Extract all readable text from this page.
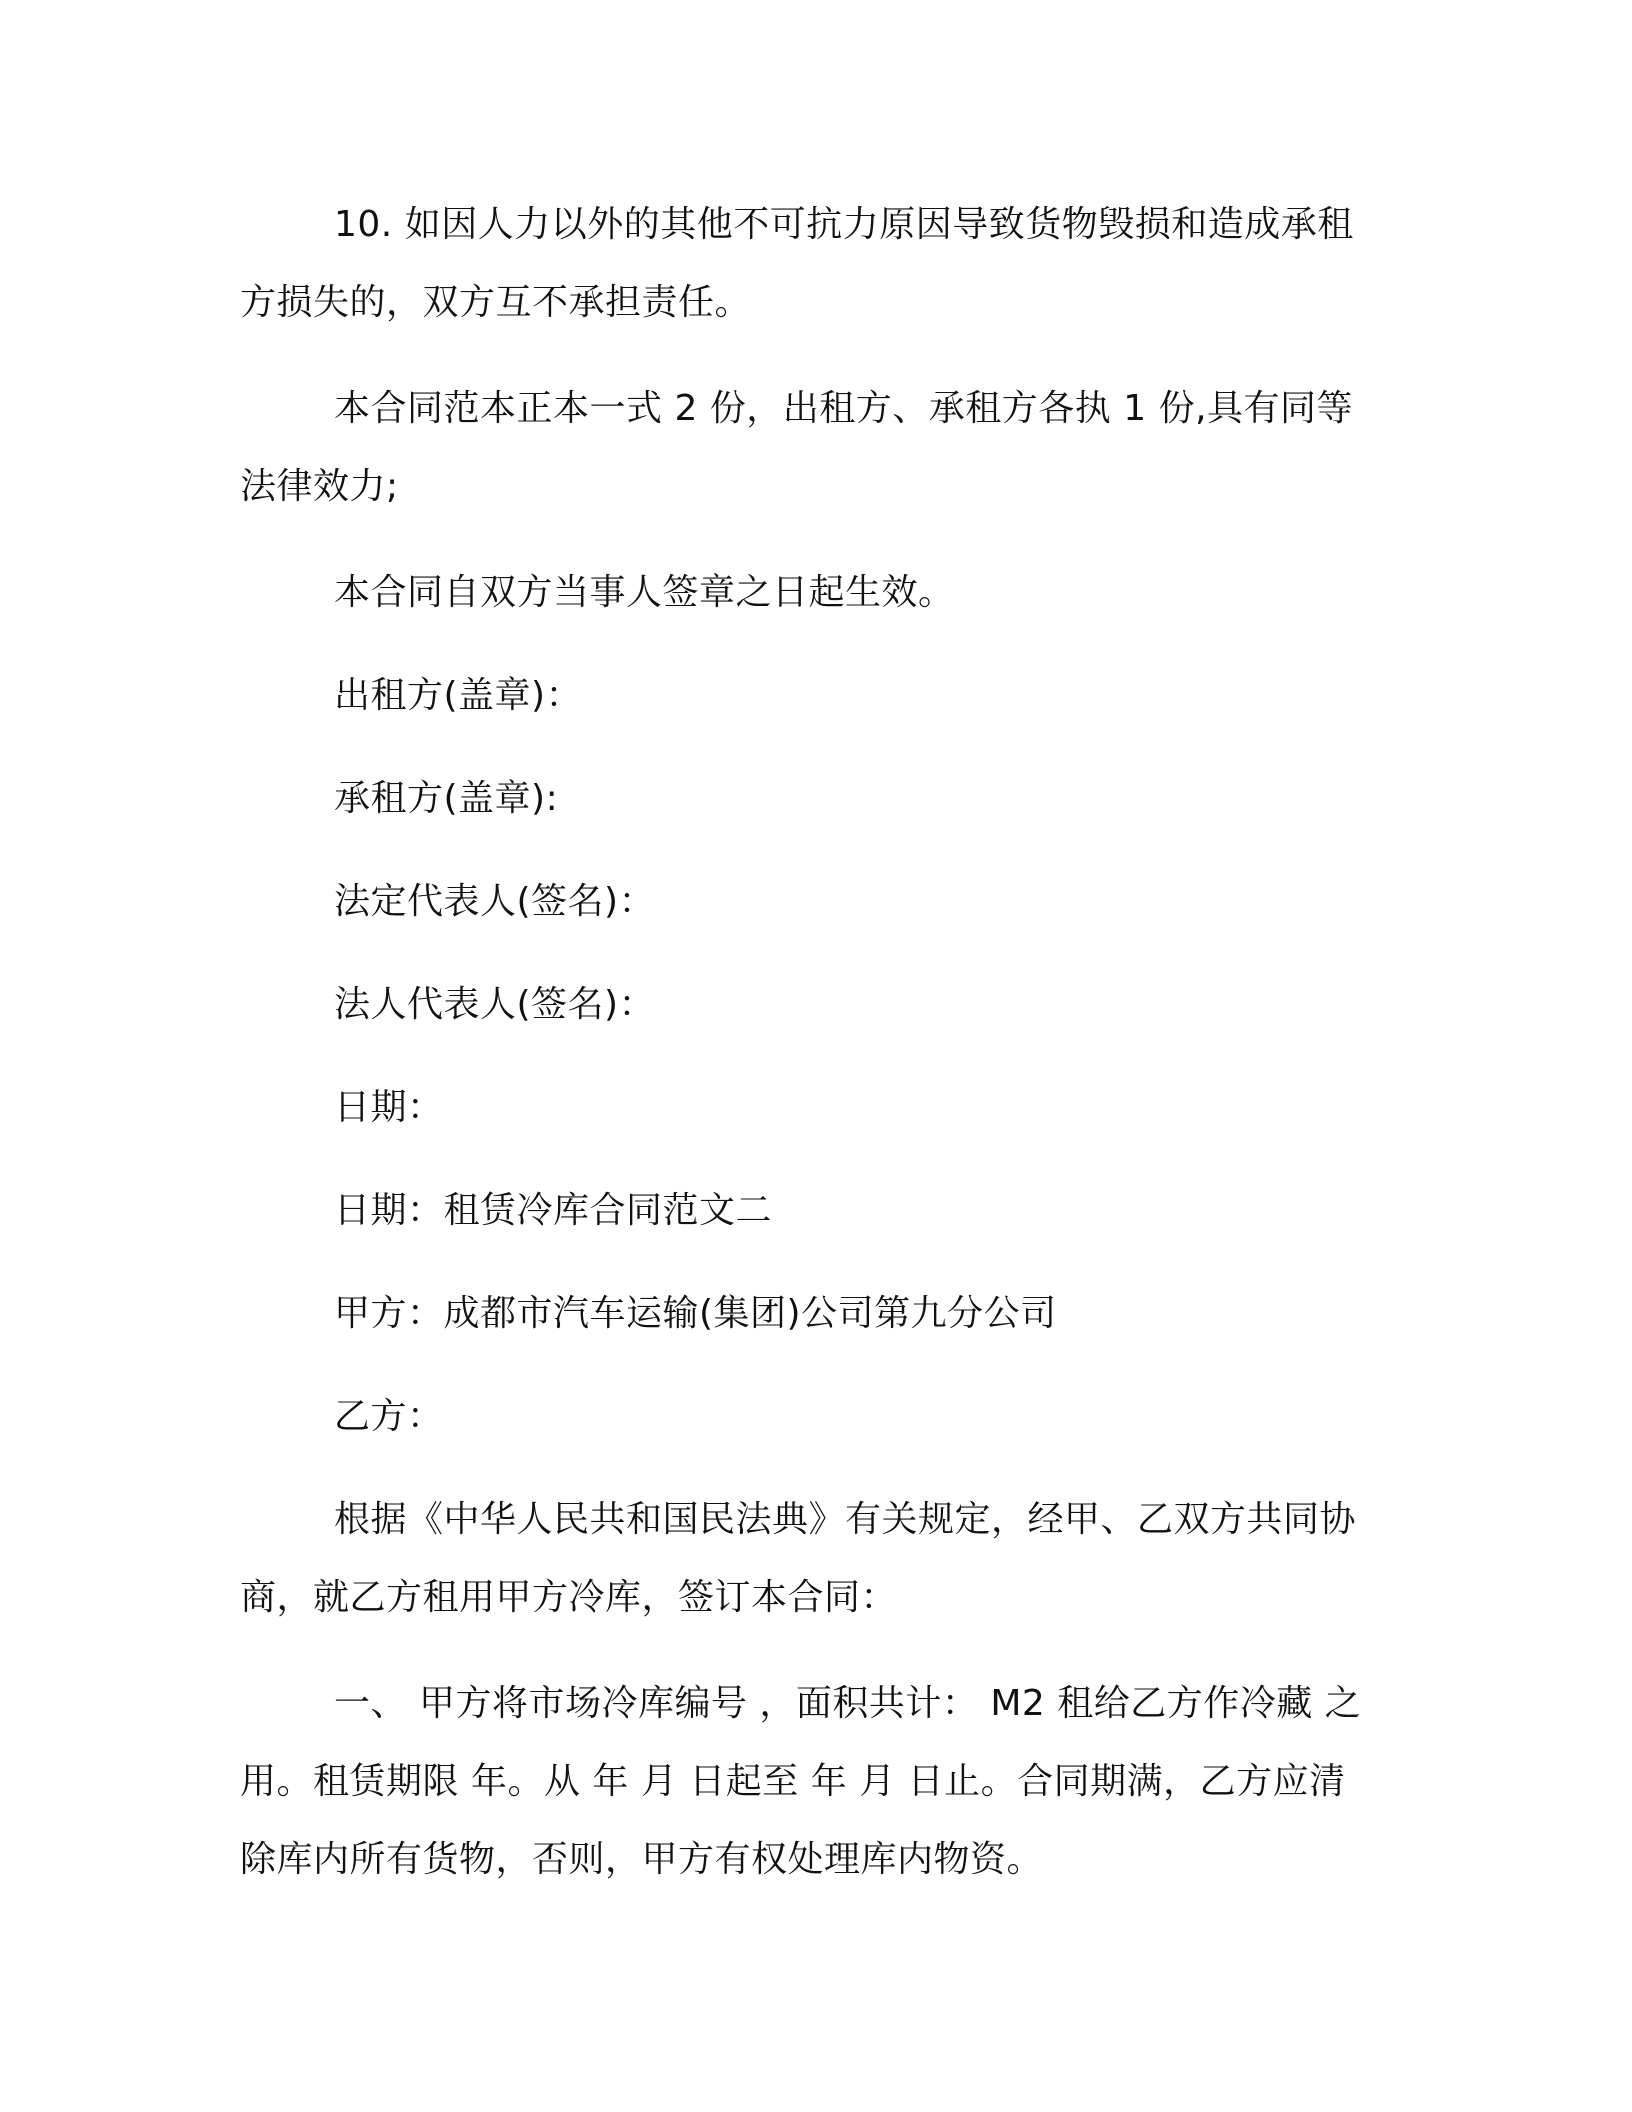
10. 如因人力以外的其他不可抗力原因导致货物毁损和造成承租方损失的，双方互不承担责任。

本合同范本正本一式 2 份，出租方、承租方各执 1 份,具有同等法律效力;

本合同自双方当事人签章之日起生效。

出租方(盖章)：

承租方(盖章):

法定代表人(签名)：

法人代表人(签名)：

日期：

日期：租赁冷库合同范文二

甲方：成都市汽车运输(集团)公司第九分公司

乙方：

根据《中华人民共和国民法典》有关规定，经甲、乙双方共同协商，就乙方租用甲方冷库，签订本合同：

一、 甲方将市场冷库编号 ，面积共计： M2 租给乙方作冷藏 之用。租赁期限 年。从 年 月 日起至 年 月 日止。合同期满，乙方应清除库内所有货物，否则，甲方有权处理库内物资。
